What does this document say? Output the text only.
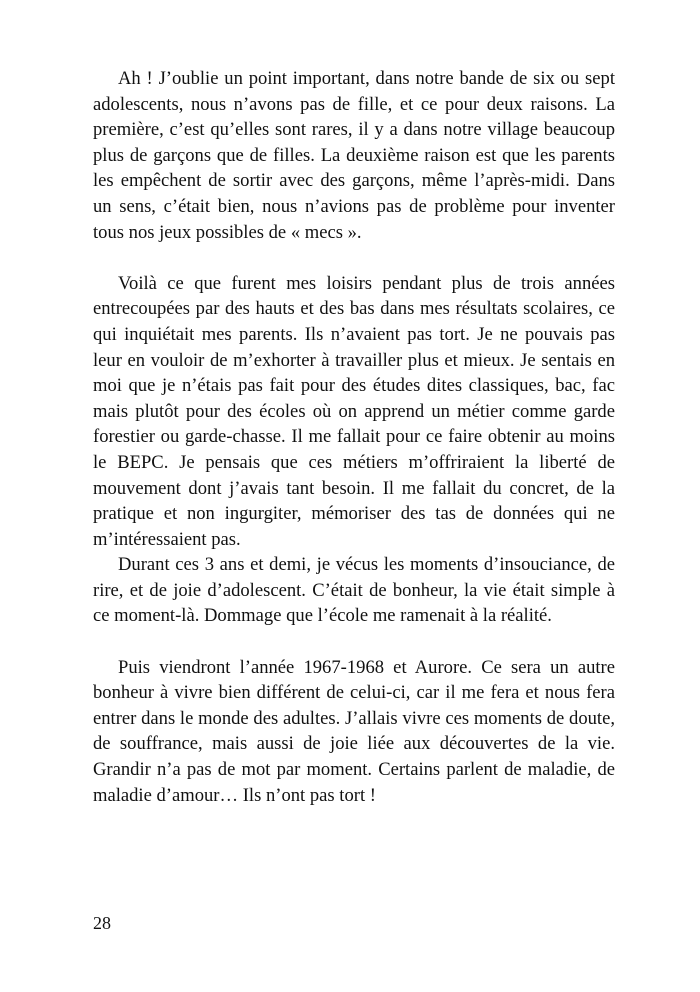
Ah ! J’oublie un point important, dans notre bande de six ou sept adolescents, nous n’avons pas de fille, et ce pour deux raisons. La première, c’est qu’elles sont rares, il y a dans notre village beaucoup plus de garçons que de filles. La deuxième raison est que les parents les empêchent de sortir avec des garçons, même l’après-midi. Dans un sens, c’était bien, nous n’avions pas de problème pour inventer tous nos jeux possibles de « mecs ».

Voilà ce que furent mes loisirs pendant plus de trois années entrecoupées par des hauts et des bas dans mes résultats scolaires, ce qui inquiétait mes parents. Ils n’avaient pas tort. Je ne pouvais pas leur en vouloir de m’exhorter à travailler plus et mieux. Je sentais en moi que je n’étais pas fait pour des études dites classiques, bac, fac mais plutôt pour des écoles où on apprend un métier comme garde forestier ou garde-chasse. Il me fallait pour ce faire obtenir au moins le BEPC. Je pensais que ces métiers m’offriraient la liberté de mouvement dont j’avais tant besoin. Il me fallait du concret, de la pratique et non ingurgiter, mémoriser des tas de données qui ne m’intéressaient pas.

Durant ces 3 ans et demi, je vécus les moments d’insouciance, de rire, et de joie d’adolescent. C’était de bonheur, la vie était simple à ce moment-là. Dommage que l’école me ramenait à la réalité.

Puis viendront l’année 1967-1968 et Aurore. Ce sera un autre bonheur à vivre bien différent de celui-ci, car il me fera et nous fera entrer dans le monde des adultes. J’allais vivre ces moments de doute, de souffrance, mais aussi de joie liée aux découvertes de la vie. Grandir n’a pas de mot par moment. Certains parlent de maladie, de maladie d’amour… Ils n’ont pas tort !

28
